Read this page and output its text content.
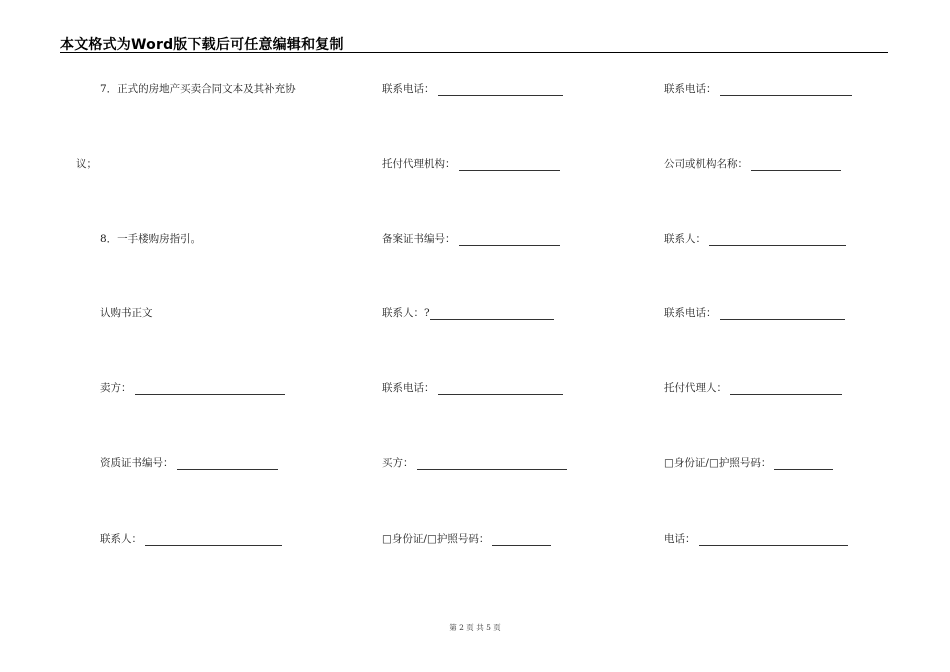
本文格式为Word版下载后可任意编辑和复制
7．正式的房地产买卖合同文本及其补充协
议；
8．一手楼购房指引。
认购书正文
卖方：
资质证书编号：
联系人：
联系电话：
托付代理机构：
备案证书编号：
联系人：?
联系电话：
买方：
□身份证/□护照号码：
联系电话：
公司或机构名称：
联系人：
联系电话：
托付代理人：
□身份证/□护照号码：
电话：
第 2 页 共 5 页
